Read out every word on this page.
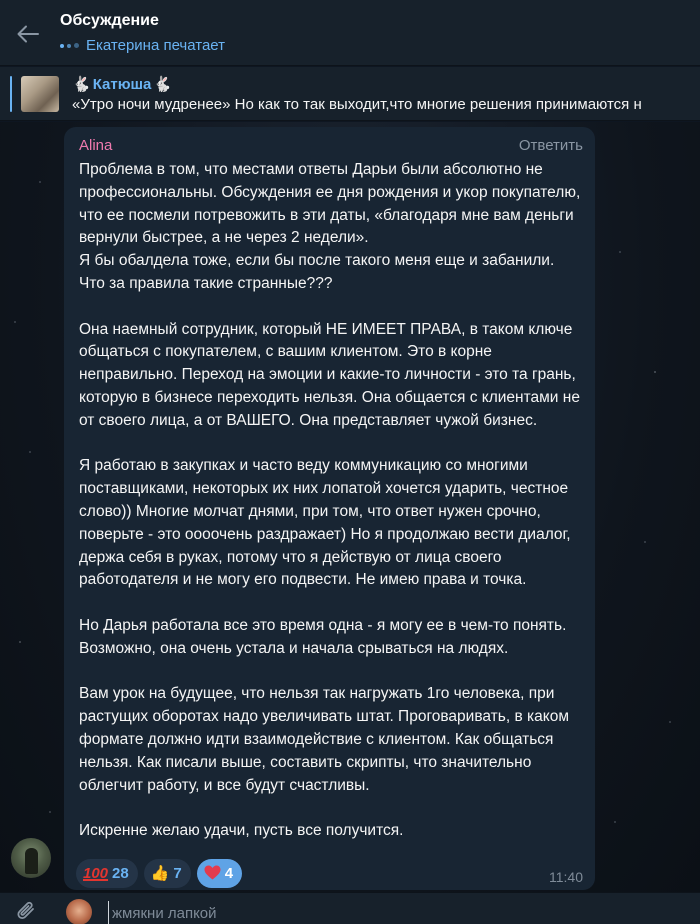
Обсуждение
Екатерина печатает
🐇 Катюша 🐇
«Утро ночи мудренее» Но как то так выходит,что многие решения принимаются н
Alina	Ответить
Проблема в том, что местами ответы Дарьи были абсолютно не профессиональны. Обсуждения ее дня рождения и укор покупателю, что ее посмели потревожить в эти даты, «благодаря мне вам деньги вернули быстрее, а не через 2 недели».
Я бы обалдела тоже, если бы после такого меня еще и забанили. Что за правила такие странные???

Она наемный сотрудник, который НЕ ИМЕЕТ ПРАВА, в таком ключе общаться с покупателем, с вашим клиентом. Это в корне неправильно. Переход на эмоции и какие-то личности - это та грань, которую в бизнесе переходить нельзя. Она общается с клиентами не от своего лица, а от ВАШЕГО. Она представляет чужой бизнес.

Я работаю в закупках и часто веду коммуникацию со многими поставщиками, некоторых их них лопатой хочется ударить, честное слово)) Многие молчат днями, при том, что ответ нужен срочно, поверьте - это ооoочень раздражает) Но я продолжаю вести диалог, держа себя в руках, потому что я действую от лица своего работодателя и не могу его подвести. Не имею права и точка.

Но Дарья работала все это время одна - я могу ее в чем-то понять. Возможно, она очень устала и начала срываться на людях.

Вам урок на будущее, что нельзя так нагружать 1го человека, при растущих оборотах надо увеличивать штат. Проговаривать, в каком формате должно идти взаимодействие с клиентом. Как общаться нельзя. Как писали выше, составить скрипты, что значительно облегчит работу, и все будут счастливы.

Искренне желаю удачи, пусть все получится.
100 28 👍 7	4	11:40
жмякни лапкой
